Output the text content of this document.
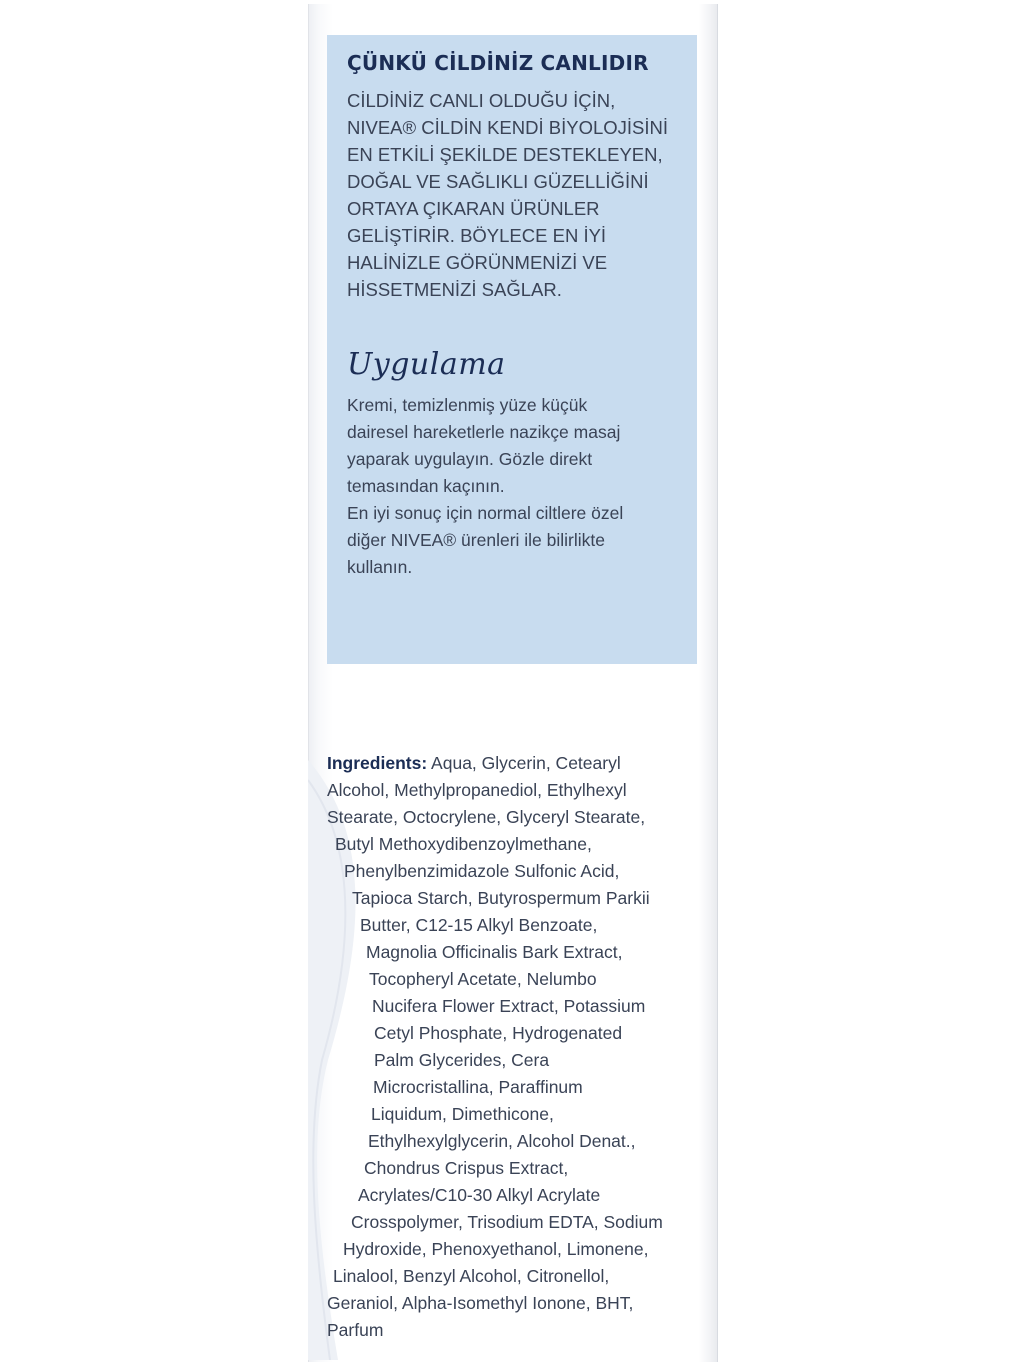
ÇÜNKÜ CİLDİNİZ CANLIDIR
CİLDİNİZ CANLI OLDUĞU İÇİN,
NIVEA® CİLDİN KENDİ BİYOLOJİSİNİ
EN ETKİLİ ŞEKİLDE DESTEKLEYEN,
DOĞAL VE SAĞLIKLI GÜZELLİĞİNİ
ORTAYA ÇIKARAN ÜRÜNLER
GELİŞTİRİR. BÖYLECE EN İYİ
HALİNİZLE GÖRÜNMENİZİ VE
HİSSETMENİZİ SAĞLAR.
Uygulama
Kremi, temizlenmiş yüze küçük
dairesel hareketlerle nazikçe masaj
yaparak uygulayın. Gözle direkt
temasından kaçının.
En iyi sonuç için normal ciltlere özel
diğer NIVEA® ürenleri ile bilirlikte
kullanın.
Ingredients: Aqua, Glycerin, Cetearyl
Alcohol, Methylpropanediol, Ethylhexyl
Stearate, Octocrylene, Glyceryl Stearate,
Butyl Methoxydibenzoylmethane,
Phenylbenzimidazole Sulfonic Acid,
Tapioca Starch, Butyrospermum Parkii
Butter, C12-15 Alkyl Benzoate,
Magnolia Officinalis Bark Extract,
Tocopheryl Acetate, Nelumbo
Nucifera Flower Extract, Potassium
Cetyl Phosphate, Hydrogenated
Palm Glycerides, Cera
Microcristallina, Paraffinum
Liquidum, Dimethicone,
Ethylhexylglycerin, Alcohol Denat.,
Chondrus Crispus Extract,
Acrylates/C10-30 Alkyl Acrylate
Crosspolymer, Trisodium EDTA, Sodium
Hydroxide, Phenoxyethanol, Limonene,
Linalool, Benzyl Alcohol, Citronellol,
Geraniol, Alpha-Isomethyl Ionone, BHT,
Parfum
